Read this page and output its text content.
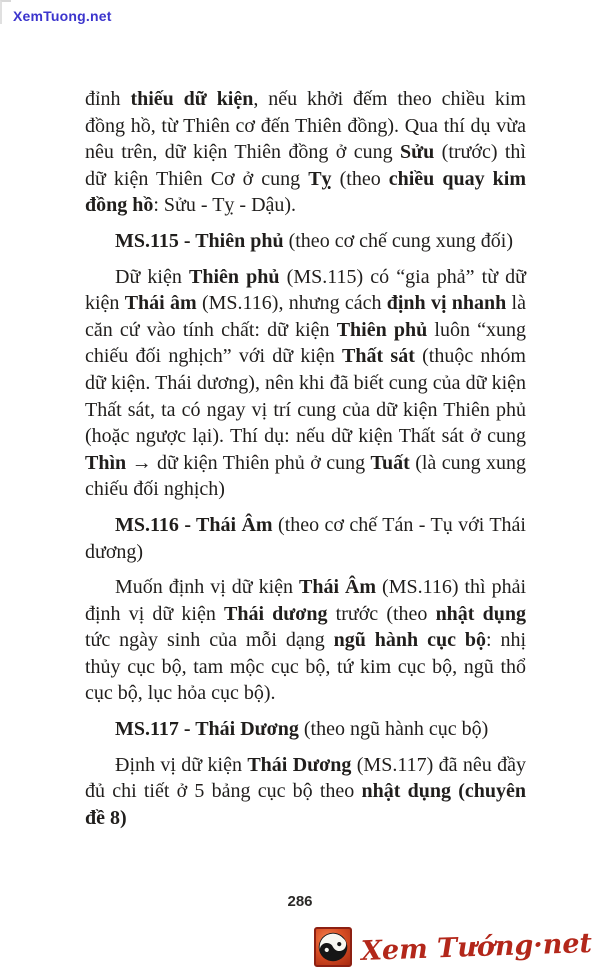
XemTuong.net

đỉnh thiếu dữ kiện, nếu khởi đếm theo chiều kim đồng hồ, từ Thiên cơ đến Thiên đồng). Qua thí dụ vừa nêu trên, dữ kiện Thiên đồng ở cung Sửu (trước) thì dữ kiện Thiên Cơ ở cung Tỵ (theo chiều quay kim đồng hồ: Sửu - Tỵ - Dậu).

MS.115 - Thiên phủ (theo cơ chế cung xung đối)

Dữ kiện Thiên phủ (MS.115) có “gia phả” từ dữ kiện Thái âm (MS.116), nhưng cách định vị nhanh là căn cứ vào tính chất: dữ kiện Thiên phủ luôn “xung chiếu đối nghịch” với dữ kiện Thất sát (thuộc nhóm dữ kiện. Thái dương), nên khi đã biết cung của dữ kiện Thất sát, ta có ngay vị trí cung của dữ kiện Thiên phủ (hoặc ngược lại). Thí dụ: nếu dữ kiện Thất sát ở cung Thìn → dữ kiện Thiên phủ ở cung Tuất (là cung xung chiếu đối nghịch)

MS.116 - Thái Âm (theo cơ chế Tán - Tụ với Thái dương)

Muốn định vị dữ kiện Thái Âm (MS.116) thì phải định vị dữ kiện Thái dương trước (theo nhật dụng tức ngày sinh của mỗi dạng ngũ hành cục bộ: nhị thủy cục bộ, tam mộc cục bộ, tứ kim cục bộ, ngũ thổ cục bộ, lục hỏa cục bộ).

MS.117 - Thái Dương (theo ngũ hành cục bộ)

Định vị dữ kiện Thái Dương (MS.117) đã nêu đầy đủ chi tiết ở 5 bảng cục bộ theo nhật dụng (chuyên đề 8)

286
Xem Tướng·net
